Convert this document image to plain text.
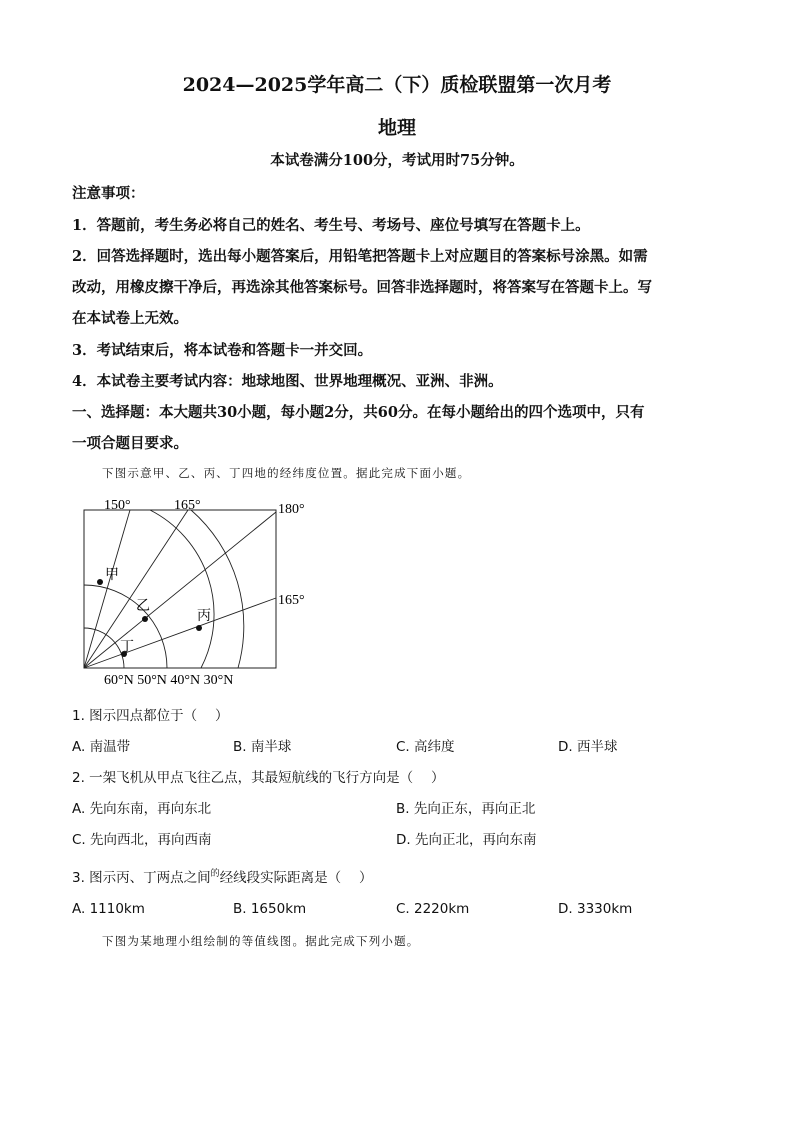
2024—2025学年高二（下）质检联盟第一次月考
地理
本试卷满分100分，考试用时75分钟。
注意事项：
1．答题前，考生务必将自己的姓名、考生号、考场号、座位号填写在答题卡上。
2．回答选择题时，选出每小题答案后，用铅笔把答题卡上对应题目的答案标号涂黑。如需
改动，用橡皮擦干净后，再选涂其他答案标号。回答非选择题时，将答案写在答题卡上。写
在本试卷上无效。
3．考试结束后，将本试卷和答题卡一并交回。
4．本试卷主要考试内容：地球地图、世界地理概况、亚洲、非洲。
一、选择题：本大题共30小题，每小题2分，共60分。在每小题给出的四个选项中，只有
一项合题目要求。
下图示意甲、乙、丙、丁四地的经纬度位置。据此完成下面小题。
150°	165°	180°
165°
60°N 50°N 40°N 30°N
甲
乙
丙
丁
1. 图示四点都位于（　 ）
A. 南温带	B. 南半球	C. 高纬度	D. 西半球
2. 一架飞机从甲点飞往乙点，其最短航线的飞行方向是（　 ）
A. 先向东南，再向东北	B. 先向正东，再向正北
C. 先向西北，再向西南	D. 先向正北，再向东南
3. 图示丙、丁两点之间$^的$经线段实际距离是（　 ）
A. 1110km	B. 1650km	C. 2220km	D. 3330km
下图为某地理小组绘制的等值线图。据此完成下列小题。
